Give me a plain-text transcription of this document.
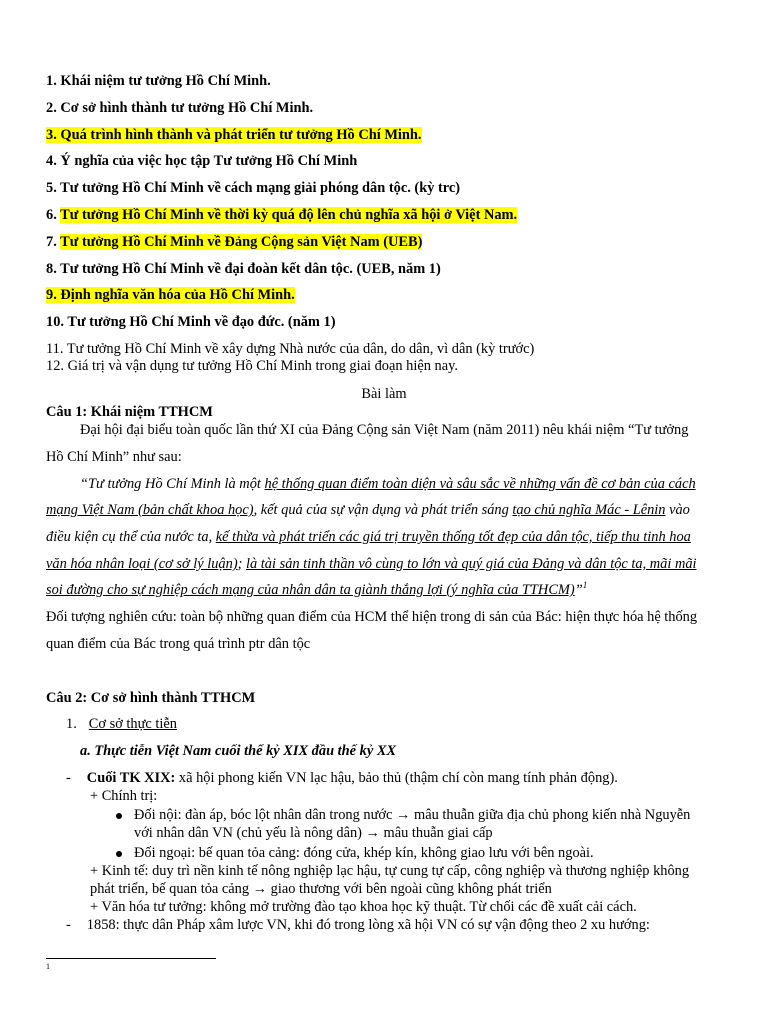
1. Khái niệm tư tưởng Hồ Chí Minh.
2. Cơ sở hình thành tư tưởng Hồ Chí Minh.
3. Quá trình hình thành và phát triển tư tưởng Hồ Chí Minh.
4. Ý nghĩa của việc học tập Tư tưởng Hồ Chí Minh
5. Tư tưởng Hồ Chí Minh về cách mạng giải phóng dân tộc. (kỳ trc)
6. Tư tưởng Hồ Chí Minh về thời kỳ quá độ lên chủ nghĩa xã hội ở Việt Nam.
7. Tư tưởng Hồ Chí Minh về Đảng Cộng sản Việt Nam (UEB)
8. Tư tưởng Hồ Chí Minh về đại đoàn kết dân tộc. (UEB, năm 1)
9. Định nghĩa văn hóa của Hồ Chí Minh.
10. Tư tưởng Hồ Chí Minh về đạo đức. (năm 1)
11. Tư tưởng Hồ Chí Minh về xây dựng Nhà nước của dân, do dân, vì dân (kỳ trước)
12. Giá trị và vận dụng tư tưởng Hồ Chí Minh trong giai đoạn hiện nay.
Bài làm
Câu 1: Khái niệm TTHCM
Đại hội đại biểu toàn quốc lần thứ XI của Đảng Cộng sản Việt Nam (năm 2011) nêu khái niệm “Tư tưởng
Hồ Chí Minh” như sau:
“Tư tưởng Hồ Chí Minh là một hệ thống quan điểm toàn diện và sâu sắc về những vấn đề cơ bản của cách
mạng Việt Nam (bản chất khoa học), kết quả của sự vận dụng và phát triển sáng tạo chủ nghĩa Mác - Lênin vào
điều kiện cụ thể của nước ta, kế thừa và phát triển các giá trị truyền thống tốt đẹp của dân tộc, tiếp thu tinh hoa
văn hóa nhân loại (cơ sở lý luận); là tài sản tinh thần vô cùng to lớn và quý giá của Đảng và dân tộc ta, mãi mãi
soi đường cho sự nghiệp cách mạng của nhân dân ta giành thắng lợi (ý nghĩa của TTHCM)”$^1$
Đối tượng nghiên cứu: toàn bộ những quan điểm của HCM thể hiện trong di sản của Bác: hiện thực hóa hệ thống
quan điểm của Bác trong quá trình ptr dân tộc
Câu 2: Cơ sở hình thành TTHCM
1. Cơ sở thực tiễn
a. Thực tiễn Việt Nam cuối thế kỷ XIX đầu thế kỷ XX
- Cuối TK XIX: xã hội phong kiến VN lạc hậu, bảo thủ (thậm chí còn mang tính phản động).
+ Chính trị:
Đối nội: đàn áp, bóc lột nhân dân trong nước → mâu thuẫn giữa địa chủ phong kiến nhà Nguyễn
với nhân dân VN (chủ yếu là nông dân) → mâu thuẫn giai cấp
Đối ngoại: bế quan tỏa cảng: đóng cửa, khép kín, không giao lưu với bên ngoài.
+ Kinh tế: duy trì nền kinh tế nông nghiệp lạc hậu, tự cung tự cấp, công nghiệp và thương nghiệp không
phát triển, bế quan tỏa cảng → giao thương với bên ngoài cũng không phát triển
+ Văn hóa tư tưởng: không mở trường đào tạo khoa học kỹ thuật. Từ chối các đề xuất cải cách.
- 1858: thực dân Pháp xâm lược VN, khi đó trong lòng xã hội VN có sự vận động theo 2 xu hướng:
1
